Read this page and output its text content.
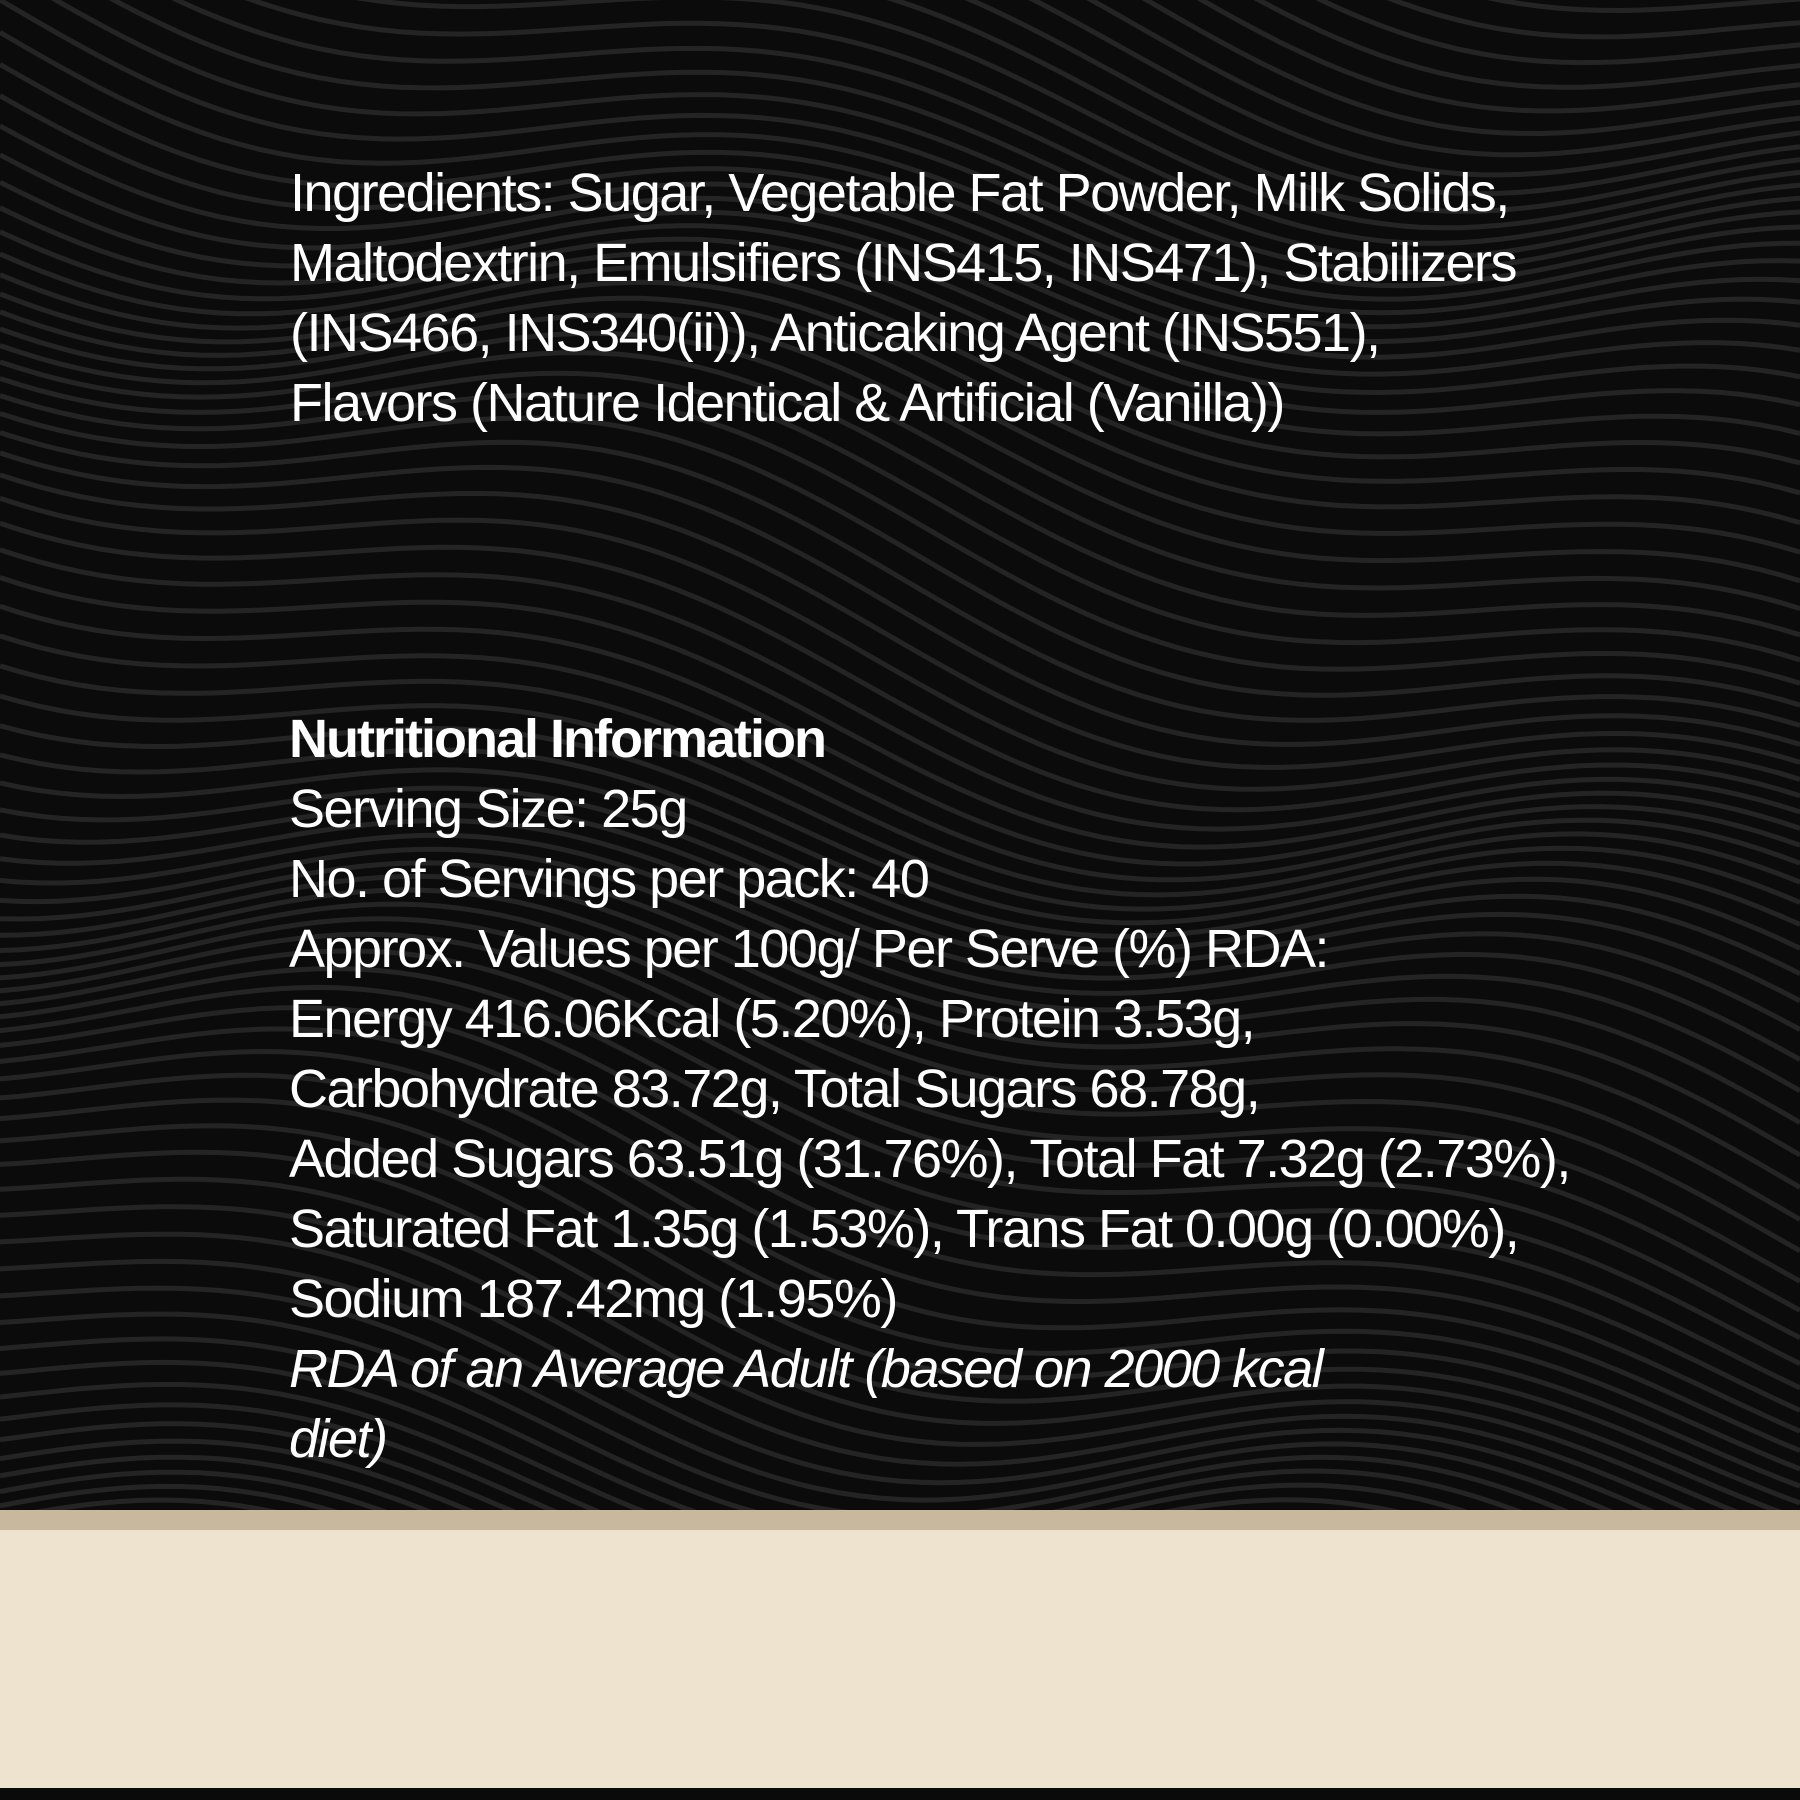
Ingredients: Sugar, Vegetable Fat Powder, Milk Solids, Maltodextrin, Emulsifiers (INS415, INS471), Stabilizers (INS466, INS340(ii)), Anticaking Agent (INS551), Flavors (Nature Identical & Artificial (Vanilla))
Nutritional Information
Serving Size: 25g
No. of Servings per pack: 40
Approx. Values per 100g/ Per Serve (%) RDA:
Energy 416.06Kcal (5.20%), Protein 3.53g,
Carbohydrate 83.72g, Total Sugars 68.78g,
Added Sugars 63.51g (31.76%), Total Fat 7.32g (2.73%),
Saturated Fat 1.35g (1.53%), Trans Fat 0.00g (0.00%),
Sodium 187.42mg (1.95%)
RDA of an Average Adult (based on 2000 kcal diet)
